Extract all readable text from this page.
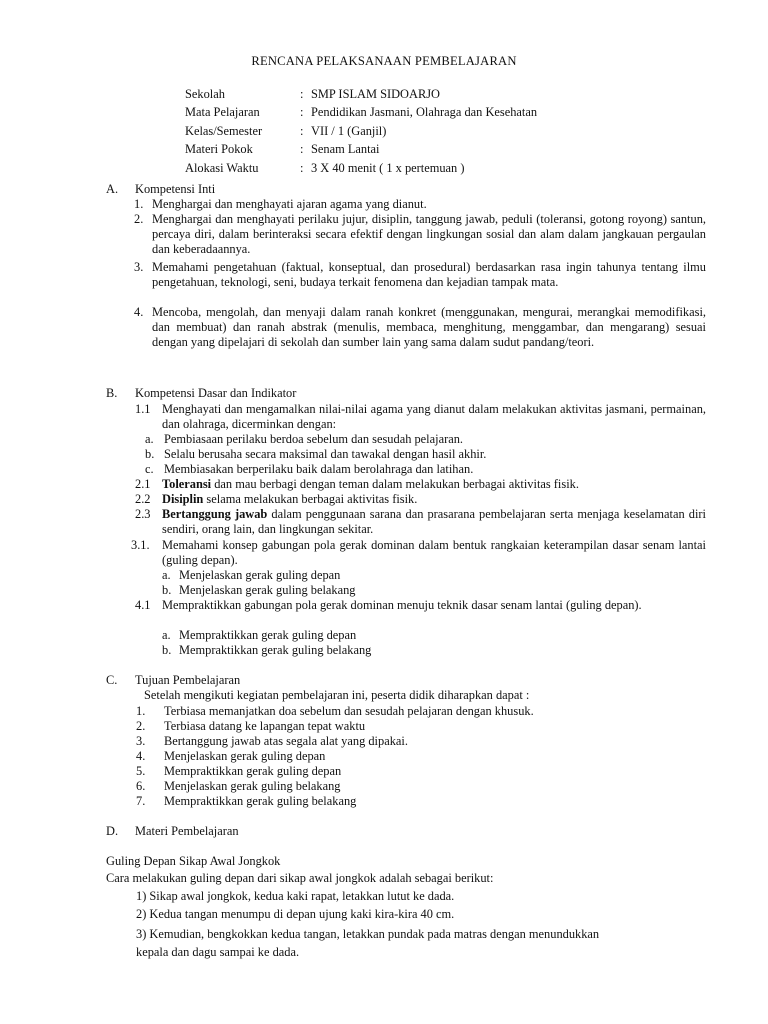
RENCANA PELAKSANAAN PEMBELAJARAN
Sekolah	:	SMP ISLAM SIDOARJO
Mata Pelajaran	:	Pendidikan Jasmani, Olahraga dan Kesehatan
Kelas/Semester	:	VII / 1 (Ganjil)
Materi Pokok	:	Senam Lantai
Alokasi Waktu	:	3 X 40 menit ( 1 x pertemuan )
A. Kompetensi Inti
1. Menghargai dan menghayati ajaran agama yang dianut.
2. Menghargai dan menghayati perilaku jujur, disiplin, tanggung jawab, peduli (toleransi, gotong royong) santun, percaya diri, dalam berinteraksi secara efektif dengan lingkungan sosial dan alam dalam jangkauan pergaulan dan keberadaannya.
3. Memahami pengetahuan (faktual, konseptual, dan prosedural) berdasarkan rasa ingin tahunya tentang ilmu pengetahuan, teknologi, seni, budaya terkait fenomena dan kejadian tampak mata.
4. Mencoba, mengolah, dan menyaji dalam ranah konkret (menggunakan, mengurai, merangkai memodifikasi, dan membuat) dan ranah abstrak (menulis, membaca, menghitung, menggambar, dan mengarang) sesuai dengan yang dipelajari di sekolah dan sumber lain yang sama dalam sudut pandang/teori.
B. Kompetensi Dasar dan Indikator
1.1 Menghayati dan mengamalkan nilai-nilai agama yang dianut dalam melakukan aktivitas jasmani, permainan, dan olahraga, dicerminkan dengan:
a. Pembiasaan perilaku berdoa sebelum dan sesudah pelajaran.
b. Selalu berusaha secara maksimal dan tawakal dengan hasil akhir.
c. Membiasakan berperilaku baik dalam berolahraga dan latihan.
2.1 Toleransi dan mau berbagi dengan teman dalam melakukan berbagai aktivitas fisik.
2.2 Disiplin selama melakukan berbagai aktivitas fisik.
2.3 Bertanggung jawab dalam penggunaan sarana dan prasarana pembelajaran serta menjaga keselamatan diri sendiri, orang lain, dan lingkungan sekitar.
3.1. Memahami konsep gabungan pola gerak dominan dalam bentuk rangkaian keterampilan dasar senam lantai (guling depan).
a. Menjelaskan gerak guling depan
b. Menjelaskan gerak guling belakang
4.1 Mempraktikkan gabungan pola gerak dominan menuju teknik dasar senam lantai (guling depan).
a. Mempraktikkan gerak guling depan
b. Mempraktikkan gerak guling belakang
C. Tujuan Pembelajaran
Setelah mengikuti kegiatan pembelajaran ini, peserta didik diharapkan dapat :
1. Terbiasa memanjatkan doa sebelum dan sesudah pelajaran dengan khusuk.
2. Terbiasa datang ke lapangan tepat waktu
3. Bertanggung jawab atas segala alat yang dipakai.
4. Menjelaskan gerak guling depan
5. Mempraktikkan gerak guling depan
6. Menjelaskan gerak guling belakang
7. Mempraktikkan gerak guling belakang
D. Materi Pembelajaran
Guling Depan Sikap Awal Jongkok
Cara melakukan guling depan dari sikap awal jongkok adalah sebagai berikut:
1) Sikap awal jongkok, kedua kaki rapat, letakkan lutut ke dada.
2) Kedua tangan menumpu di depan ujung kaki kira-kira 40 cm.
3) Kemudian, bengkokkan kedua tangan, letakkan pundak pada matras dengan menundukkan kepala dan dagu sampai ke dada.
